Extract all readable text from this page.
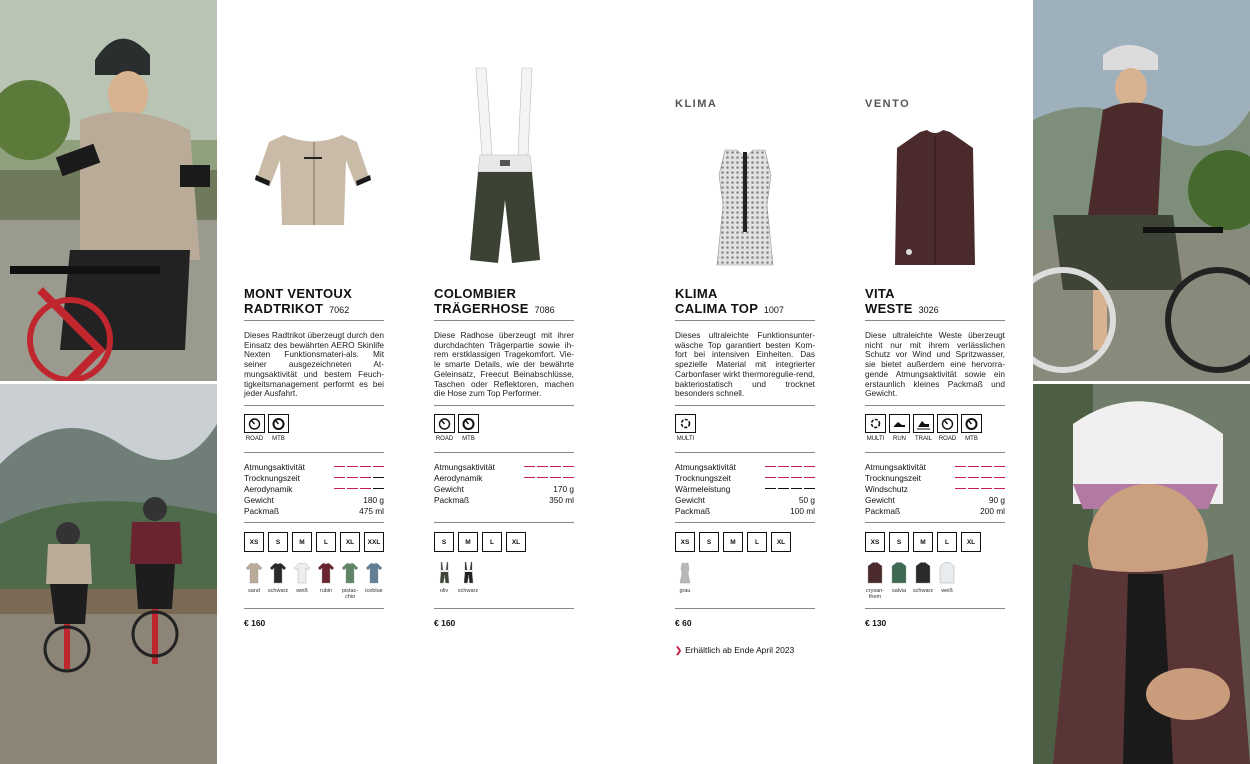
MONT VENTOUX
RADTRIKOT 7062

Dieses Radtrikot überzeugt durch den Einsatz des bewährten AERO Skinlife Nexten Funktionsmateri-als. Mit seiner ausgezeichneten At-mungsaktivität und bestem Feuch-tigkeitsmanagement performt es bei jeder Ausfahrt.

ROAD MTB
Atmungsaktivität
Trocknungszeit
Aerodynamik
Gewicht	180 g
Packmaß	475 ml
XS	S	M	L	XL	XXL
sand schwarz weiß rubin	pistac-chio
iceblue
€ 160
COLOMBIER
TRÄGERHOSE 7086

Diese Radhose überzeugt mit ihrer durchdachten Trägerpartie sowie ih-rem erstklassigen Tragekomfort. Vie-le smarte Details, wie der bewährte Geleinsatz, Freecut Beinabschlüsse, Taschen oder Reflektoren, machen die Hose zum Top Performer.

ROAD MTB
Atmungsaktivität
Aerodynamik
Gewicht	170 g
Packmaß	350 ml
S	M	L	XL
oliv schwarz
€ 160
KLIMA
KLIMA
CALIMA TOP 1007

Dieses ultraleichte Funktionsunter-wäsche Top garantiert besten Kom-fort bei intensiven Einheiten. Das spezielle Material mit integrierter Carbonfaser wirkt thermoregulie-rend, bakteriostatisch und trocknet besonders schnell.

MULTI
Atmungsaktivität
Trocknungszeit
Wärmeleistung
Gewicht	50 g
Packmaß	100 ml
XS	S	M	L	XL
grau
€ 60
❯ Erhältlich ab Ende April 2023
VENTO
VITA
WESTE 3026

Diese ultraleichte Weste überzeugt nicht nur mit ihrem verlässlichen Schutz vor Wind und Spritzwasser, sie bietet außerdem eine hervorra-gende Atmungsaktivität sowie ein erstaunlich kleines Packmaß und Gewicht.

MULTI RUN TRAIL ROAD MTB
Atmungsaktivität
Trocknungszeit
Windschutz
Gewicht	90 g
Packmaß	200 ml
XS	S	M	L	XL
crysan-them
salvia schwarz weiß
€ 130
